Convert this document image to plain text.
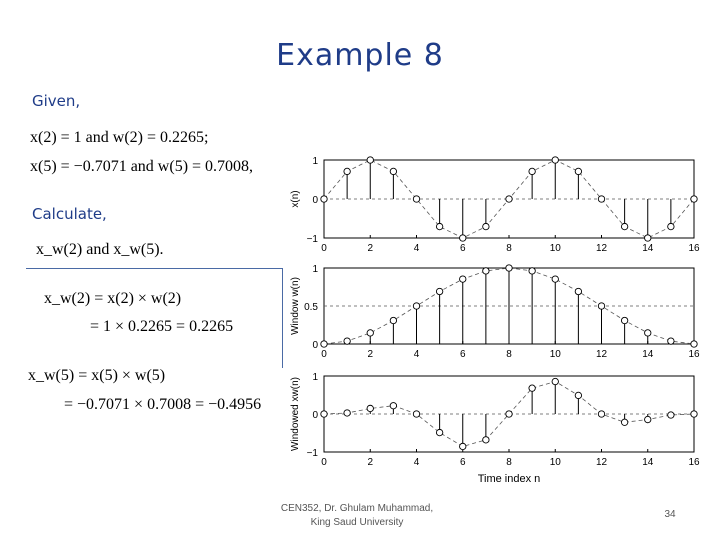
Example 8
Given,
x(2) = 1 and w(2) = 0.2265;
x(5) = −0.7071 and w(5) = 0.7008,
Calculate,
x_w(2) and x_w(5).
x_w(2) = x(2) × w(2)
= 1 × 0.2265 = 0.2265
x_w(5) = x(5) × w(5)
= −0.7071 × 0.7008 = −0.4956
−1
0
1
0	2	4	6	8	10	12	14	16
x(n)
0
0.5
1
0	2	4	6	8	10	12	14	16
Window w(n)
−1
0
1
0	2	4	6	8	10	12	14	16
Windowed xw(n)
Time index n
CEN352, Dr. Ghulam Muhammad,
King Saud University
34
